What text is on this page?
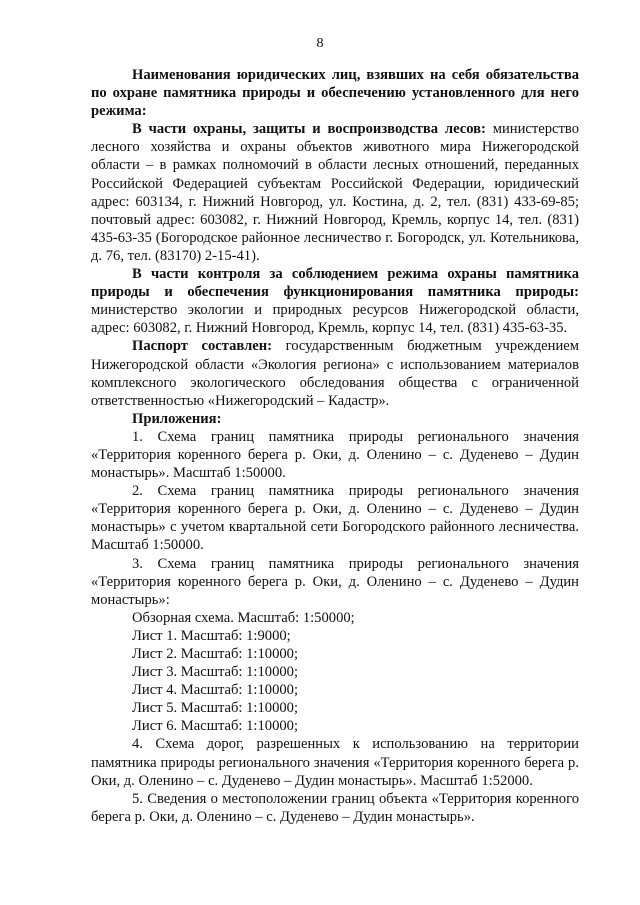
8

Наименования юридических лиц, взявших на себя обязательства по охране памятника природы и обеспечению установленного для него режима:

В части охраны, защиты и воспроизводства лесов: министерство лесного хозяйства и охраны объектов животного мира Нижегородской области – в рамках полномочий в области лесных отношений, переданных Российской Федерацией субъектам Российской Федерации, юридический адрес: 603134, г. Нижний Новгород, ул. Костина, д. 2, тел. (831) 433-69-85; почтовый адрес: 603082, г. Нижний Новгород, Кремль, корпус 14, тел. (831) 435-63-35 (Богородское районное лесничество г. Богородск, ул. Котельникова, д. 76, тел. (83170) 2-15-41).

В части контроля за соблюдением режима охраны памятника природы и обеспечения функционирования памятника природы: министерство экологии и природных ресурсов Нижегородской области, адрес: 603082, г. Нижний Новгород, Кремль, корпус 14, тел. (831) 435-63-35.

Паспорт составлен: государственным бюджетным учреждением Нижегородской области «Экология региона» с использованием материалов комплексного экологического обследования общества с ограниченной ответственностью «Нижегородский – Кадастр».

Приложения:

1. Схема границ памятника природы регионального значения «Территория коренного берега р. Оки, д. Оленино – с. Дуденево – Дудин монастырь». Масштаб 1:50000.

2. Схема границ памятника природы регионального значения «Территория коренного берега р. Оки, д. Оленино – с. Дуденево – Дудин монастырь» с учетом квартальной сети Богородского районного лесничества. Масштаб 1:50000.

3. Схема границ памятника природы регионального значения «Территория коренного берега р. Оки, д. Оленино – с. Дуденево – Дудин монастырь»:

Обзорная схема. Масштаб: 1:50000;

Лист 1. Масштаб: 1:9000;

Лист 2. Масштаб: 1:10000;

Лист 3. Масштаб: 1:10000;

Лист 4. Масштаб: 1:10000;

Лист 5. Масштаб: 1:10000;

Лист 6. Масштаб: 1:10000;

4. Схема дорог, разрешенных к использованию на территории памятника природы регионального значения «Территория коренного берега р. Оки, д. Оленино – с. Дуденево – Дудин монастырь». Масштаб 1:52000.

5. Сведения о местоположении границ объекта «Территория коренного берега р. Оки, д. Оленино – с. Дуденево – Дудин монастырь».
